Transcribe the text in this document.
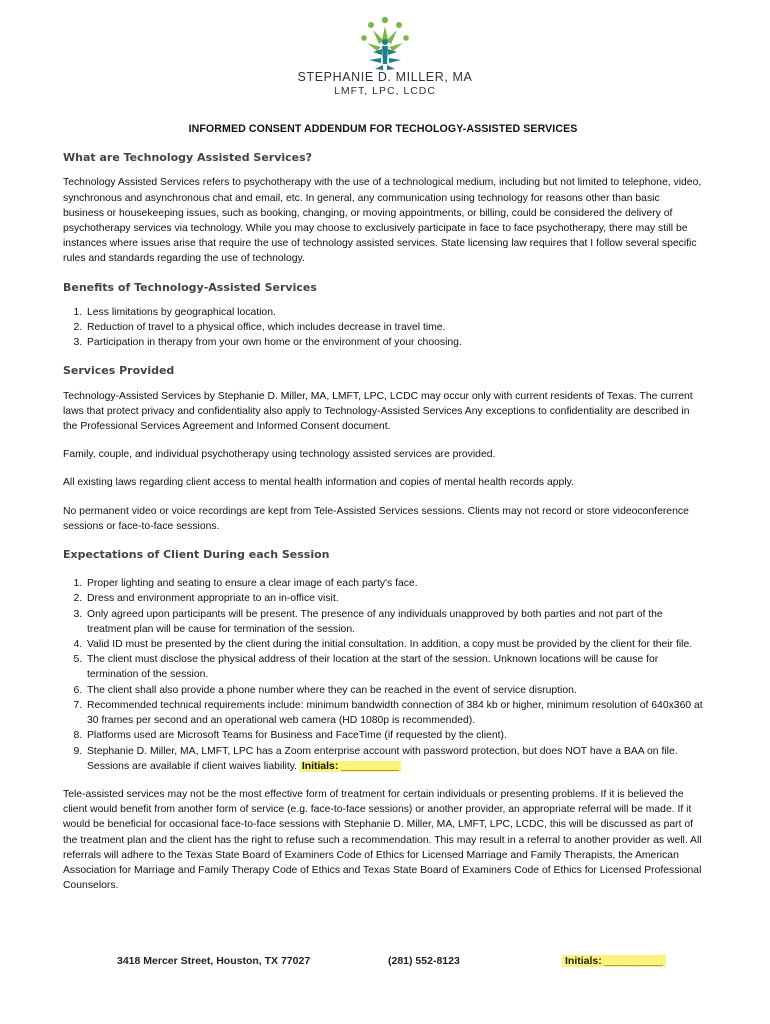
STEPHANIE D. MILLER, MA
LMFT, LPC, LCDC
INFORMED CONSENT ADDENDUM FOR TECHOLOGY-ASSISTED SERVICES
What are Technology Assisted Services?

Technology Assisted Services refers to psychotherapy with the use of a technological medium, including but not limited to telephone, video, synchronous and asynchronous chat and email, etc. In general, any communication using technology for reasons other than basic business or housekeeping issues, such as booking, changing, or moving appointments, or billing, could be considered the delivery of psychotherapy services via technology. While you may choose to exclusively participate in face to face psychotherapy, there may still be instances where issues arise that require the use of technology assisted services. State licensing law requires that I follow several specific rules and standards regarding the use of technology.

Benefits of Technology-Assisted Services
1. Less limitations by geographical location.
2. Reduction of travel to a physical office, which includes decrease in travel time.
3. Participation in therapy from your own home or the environment of your choosing.
Services Provided

Technology-Assisted Services by Stephanie D. Miller, MA, LMFT, LPC, LCDC may occur only with current residents of Texas. The current laws that protect privacy and confidentiality also apply to Technology-Assisted Services Any exceptions to confidentiality are described in the Professional Services Agreement and Informed Consent document.

Family, couple, and individual psychotherapy using technology assisted services are provided.

All existing laws regarding client access to mental health information and copies of mental health records apply.

No permanent video or voice recordings are kept from Tele-Assisted Services sessions. Clients may not record or store videoconference sessions or face-to-face sessions.

Expectations of Client During each Session
1. Proper lighting and seating to ensure a clear image of each party's face.
2. Dress and environment appropriate to an in-office visit.
3. Only agreed upon participants will be present. The presence of any individuals unapproved by both parties and not part of the treatment plan will be cause for termination of the session.
4. Valid ID must be presented by the client during the initial consultation. In addition, a copy must be provided by the client for their file.
5. The client must disclose the physical address of their location at the start of the session. Unknown locations will be cause for termination of the session.
6. The client shall also provide a phone number where they can be reached in the event of service disruption.
7. Recommended technical requirements include: minimum bandwidth connection of 384 kb or higher, minimum resolution of 640x360 at 30 frames per second and an operational web camera (HD 1080p is recommended).
8. Platforms used are Microsoft Teams for Business and FaceTime (if requested by the client).
9. Stephanie D. Miller, MA, LMFT, LPC has a Zoom enterprise account with password protection, but does NOT have a BAA on file. Sessions are available if client waives liability. Initials: __________

Tele-assisted services may not be the most effective form of treatment for certain individuals or presenting problems. If it is believed the client would benefit from another form of service (e.g. face-to-face sessions) or another provider, an appropriate referral will be made. If it would be beneficial for occasional face-to-face sessions with Stephanie D. Miller, MA, LMFT, LPC, LCDC, this will be discussed as part of the treatment plan and the client has the right to refuse such a recommendation. This may result in a referral to another provider as well. All referrals will adhere to the Texas State Board of Examiners Code of Ethics for Licensed Marriage and Family Therapists, the American Association for Marriage and Family Therapy Code of Ethics and Texas State Board of Examiners Code of Ethics for Licensed Professional Counselors.

3418 Mercer Street, Houston, TX 77027	(281) 552-8123	Initials: __________
